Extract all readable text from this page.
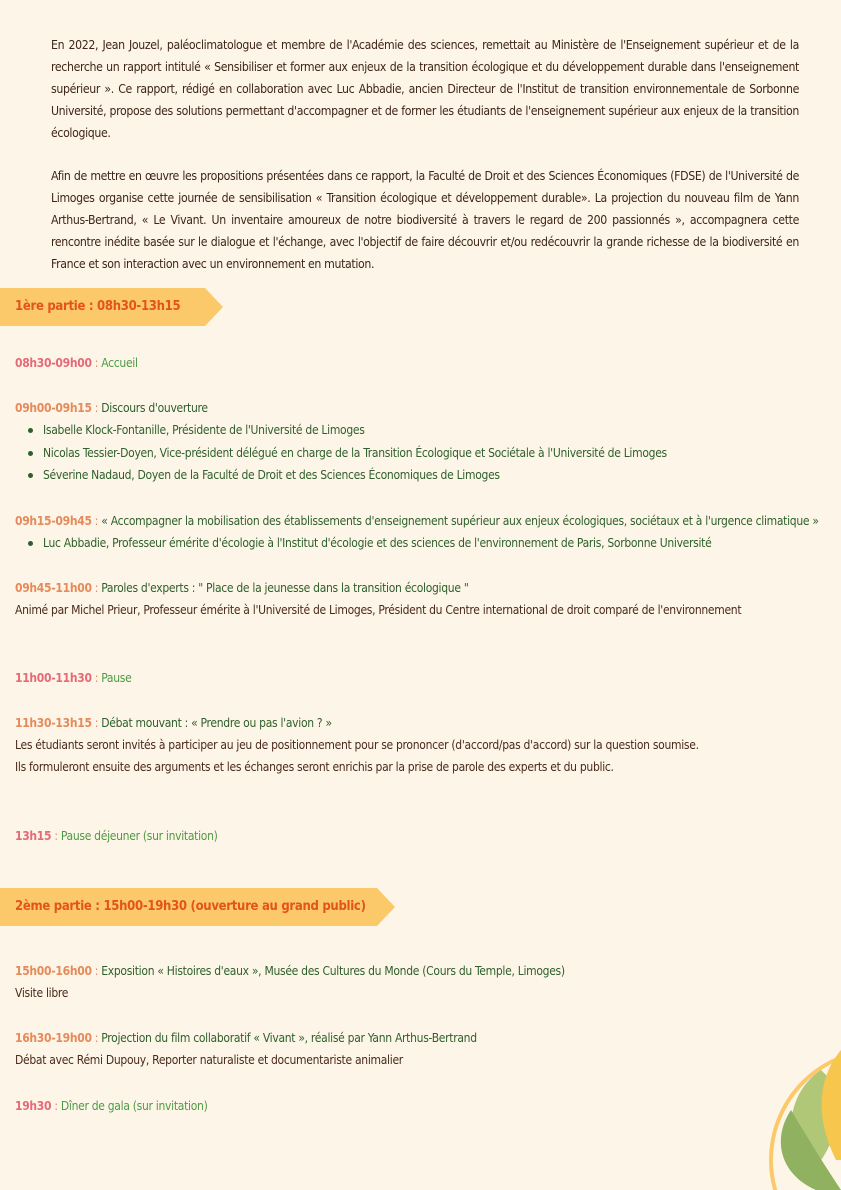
En 2022, Jean Jouzel, paléoclimatologue et membre de l'Académie des sciences, remettait au Ministère de l'Enseignement supérieur et de la recherche un rapport intitulé « Sensibiliser et former aux enjeux de la transition écologique et du développement durable dans l'enseignement supérieur ». Ce rapport, rédigé en collaboration avec Luc Abbadie, ancien Directeur de l'Institut de transition environnementale de Sorbonne Université, propose des solutions permettant d'accompagner et de former les étudiants de l'enseignement supérieur aux enjeux de la transition écologique.

Afin de mettre en œuvre les propositions présentées dans ce rapport, la Faculté de Droit et des Sciences Économiques (FDSE) de l'Université de Limoges organise cette journée de sensibilisation « Transition écologique et développement durable». La projection du nouveau film de Yann Arthus-Bertrand, « Le Vivant. Un inventaire amoureux de notre biodiversité à travers le regard de 200 passionnés », accompagnera cette rencontre inédite basée sur le dialogue et l'échange, avec l'objectif de faire découvrir et/ou redécouvrir la grande richesse de la biodiversité en France et son interaction avec un environnement en mutation.

1ère partie : 08h30-13h15
08h30-09h00 : Accueil
09h00-09h15 : Discours d'ouverture
Isabelle Klock-Fontanille, Présidente de l'Université de Limoges
Nicolas Tessier-Doyen, Vice-président délégué en charge de la Transition Écologique et Sociétale à l'Université de Limoges
Séverine Nadaud, Doyen de la Faculté de Droit et des Sciences Économiques de Limoges
09h15-09h45 : « Accompagner la mobilisation des établissements d'enseignement supérieur aux enjeux écologiques, sociétaux et à l'urgence climatique »
Luc Abbadie, Professeur émérite d'écologie à l'Institut d'écologie et des sciences de l'environnement de Paris, Sorbonne Université
09h45-11h00 : Paroles d'experts : " Place de la jeunesse dans la transition écologique "
Animé par Michel Prieur, Professeur émérite à l'Université de Limoges, Président du Centre international de droit comparé de l'environnement
11h00-11h30 : Pause
11h30-13h15 : Débat mouvant : « Prendre ou pas l'avion ? »
Les étudiants seront invités à participer au jeu de positionnement pour se prononcer (d'accord/pas d'accord) sur la question soumise.
Ils formuleront ensuite des arguments et les échanges seront enrichis par la prise de parole des experts et du public.
13h15 : Pause déjeuner (sur invitation)
2ème partie : 15h00-19h30 (ouverture au grand public)
15h00-16h00 : Exposition « Histoires d'eaux », Musée des Cultures du Monde (Cours du Temple, Limoges)
Visite libre
16h30-19h00 : Projection du film collaboratif « Vivant », réalisé par Yann Arthus-Bertrand
Débat avec Rémi Dupouy, Reporter naturaliste et documentariste animalier
19h30 : Dîner de gala (sur invitation)
